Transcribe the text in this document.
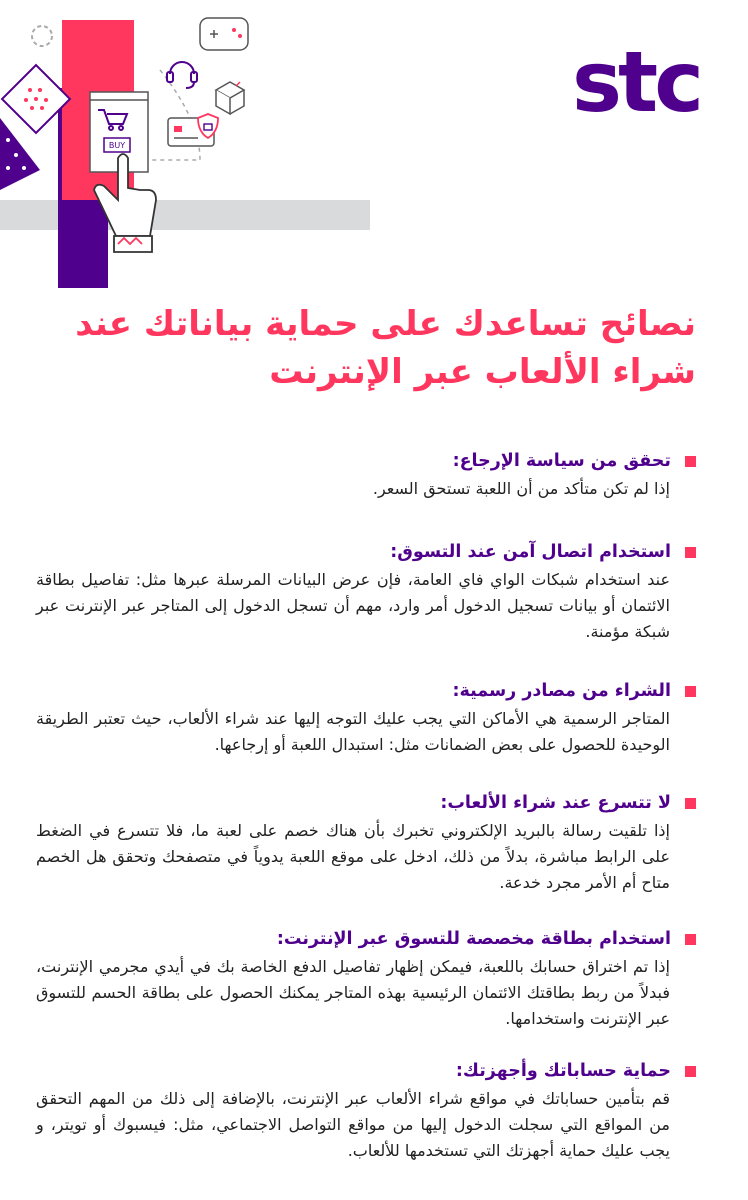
BUY
stc
نصائح تساعدك على حماية بياناتك عند شراء الألعاب عبر الإنترنت
تحقق من سياسة الإرجاع:
إذا لم تكن متأكد من أن اللعبة تستحق السعر.
استخدام اتصال آمن عند التسوق:
عند استخدام شبكات الواي فاي العامة، فإن عرض البيانات المرسلة عبرها مثل: تفاصيل بطاقة الائتمان أو بيانات تسجيل الدخول أمر وارد، مهم أن تسجل الدخول إلى المتاجر عبر الإنترنت عبر شبكة مؤمنة.
الشراء من مصادر رسمية:
المتاجر الرسمية هي الأماكن التي يجب عليك التوجه إليها عند شراء الألعاب، حيث تعتبر الطريقة الوحيدة للحصول على بعض الضمانات مثل: استبدال اللعبة أو إرجاعها.
لا تتسرع عند شراء الألعاب:
إذا تلقيت رسالة بالبريد الإلكتروني تخبرك بأن هناك خصم على لعبة ما، فلا تتسرع في الضغط على الرابط مباشرة، بدلاً من ذلك، ادخل على موقع اللعبة يدوياً في متصفحك وتحقق هل الخصم متاح أم الأمر مجرد خدعة.
استخدام بطاقة مخصصة للتسوق عبر الإنترنت:
إذا تم اختراق حسابك باللعبة، فيمكن إظهار تفاصيل الدفع الخاصة بك في أيدي مجرمي الإنترنت، فبدلاً من ربط بطاقتك الائتمان الرئيسية بهذه المتاجر يمكنك الحصول على بطاقة الحسم للتسوق عبر الإنترنت واستخدامها.
حماية حساباتك وأجهزتك:
قم بتأمين حساباتك في مواقع شراء الألعاب عبر الإنترنت، بالإضافة إلى ذلك من المهم التحقق من المواقع التي سجلت الدخول إليها من مواقع التواصل الاجتماعي، مثل: فيسبوك أو تويتر، و يجب عليك حماية أجهزتك التي تستخدمها للألعاب.
